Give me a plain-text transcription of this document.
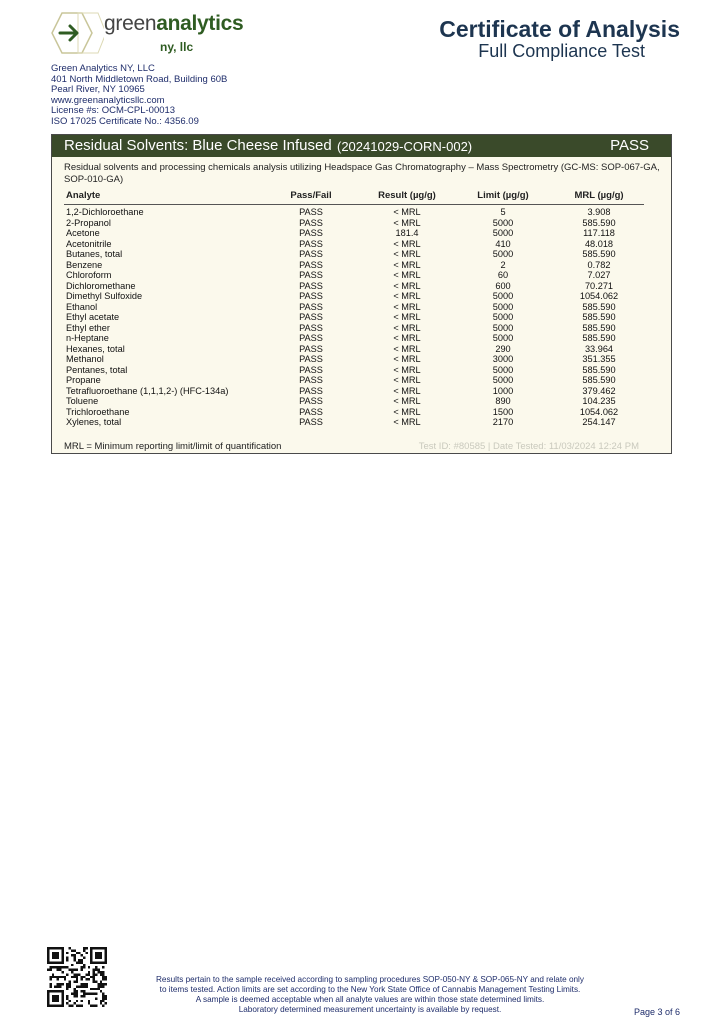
greenanalytics
ny, llc
Certificate of Analysis
Full Compliance Test
Green Analytics NY, LLC
401 North Middletown Road, Building 60B
Pearl River, NY 10965
www.greenanalyticsllc.com
License #s: OCM-CPL-00013
ISO 17025 Certificate No.: 4356.09
Residual Solvents: Blue Cheese Infused (20241029-CORN-002)	PASS
Residual solvents and processing chemicals analysis utilizing Headspace Gas Chromatography – Mass Spectrometry (GC-MS: SOP-067-GA, SOP-010-GA)
Analyte	Pass/Fail	Result (µg/g)	Limit (µg/g)	MRL (µg/g)
1,2-Dichloroethane	PASS	< MRL	5	3.908
2-Propanol	PASS	< MRL	5000	585.590
Acetone	PASS	181.4	5000	117.118
Acetonitrile	PASS	< MRL	410	48.018
Butanes, total	PASS	< MRL	5000	585.590
Benzene	PASS	< MRL	2	0.782
Chloroform	PASS	< MRL	60	7.027
Dichloromethane	PASS	< MRL	600	70.271
Dimethyl Sulfoxide	PASS	< MRL	5000	1054.062
Ethanol	PASS	< MRL	5000	585.590
Ethyl acetate	PASS	< MRL	5000	585.590
Ethyl ether	PASS	< MRL	5000	585.590
n-Heptane	PASS	< MRL	5000	585.590
Hexanes, total	PASS	< MRL	290	33.964
Methanol	PASS	< MRL	3000	351.355
Pentanes, total	PASS	< MRL	5000	585.590
Propane	PASS	< MRL	5000	585.590
Tetrafluoroethane (1,1,1,2-) (HFC-134a)	PASS	< MRL	1000	379.462
Toluene	PASS	< MRL	890	104.235
Trichloroethane	PASS	< MRL	1500	1054.062
Xylenes, total	PASS	< MRL	2170	254.147
MRL = Minimum reporting limit/limit of quantification	Test ID: #80585 | Date Tested: 11/03/2024 12:24 PM
Results pertain to the sample received according to sampling procedures SOP-050-NY & SOP-065-NY and relate only
to items tested. Action limits are set according to the New York State Office of Cannabis Management Testing Limits.
A sample is deemed acceptable when all analyte values are within those state determined limits.
Laboratory determined measurement uncertainty is available by request.	Page 3 of 6
